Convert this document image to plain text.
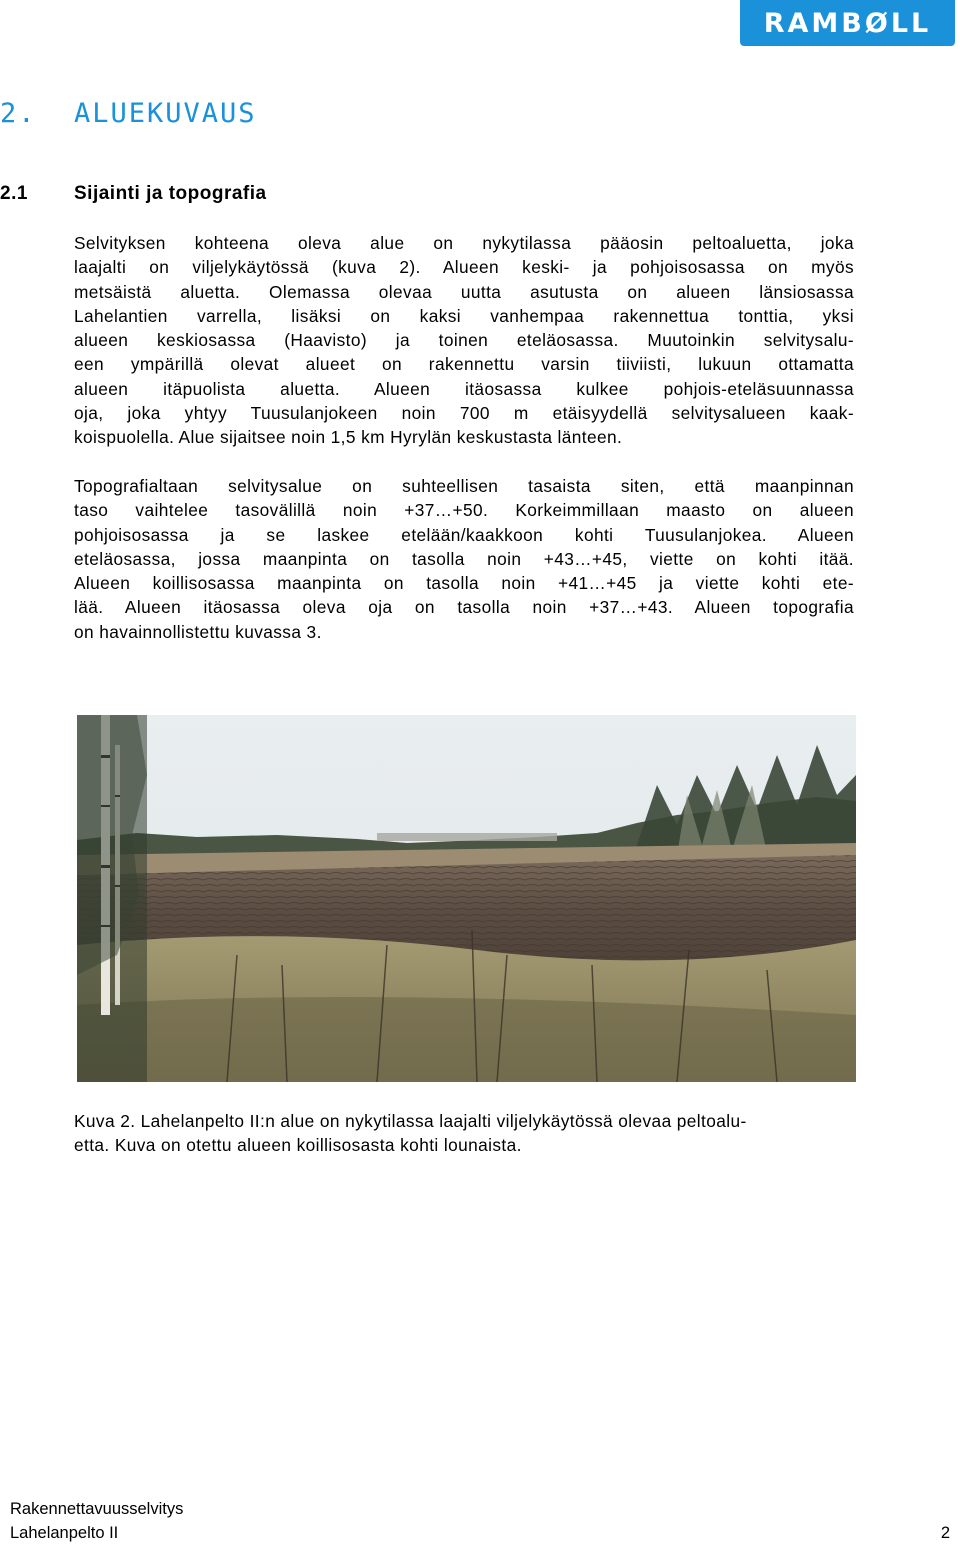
RAMBØLL
2. ALUEKUVAUS
2.1 Sijainti ja topografia
Selvityksen kohteena oleva alue on nykytilassa pääosin peltoaluetta, joka
laajalti on viljelykäytössä (kuva 2). Alueen keski- ja pohjoisosassa on myös
metsäistä aluetta. Olemassa olevaa uutta asutusta on alueen länsiosassa
Lahelantien varrella, lisäksi on kaksi vanhempaa rakennettua tonttia, yksi
alueen keskiosassa (Haavisto) ja toinen eteläosassa. Muutoinkin selvitysalu-
een ympärillä olevat alueet on rakennettu varsin tiiviisti, lukuun ottamatta
alueen itäpuolista aluetta. Alueen itäosassa kulkee pohjois-eteläsuunnassa
oja, joka yhtyy Tuusulanjokeen noin 700 m etäisyydellä selvitysalueen kaak-
koispuolella. Alue sijaitsee noin 1,5 km Hyrylän keskustasta länteen.
Topografialtaan selvitysalue on suhteellisen tasaista siten, että maanpinnan
taso vaihtelee tasovälillä noin +37…+50. Korkeimmillaan maasto on alueen
pohjoisosassa ja se laskee etelään/kaakkoon kohti Tuusulanjokea. Alueen
eteläosassa, jossa maanpinta on tasolla noin +43…+45, viette on kohti itää.
Alueen koillisosassa maanpinta on tasolla noin +41…+45 ja viette kohti ete-
lää. Alueen itäosassa oleva oja on tasolla noin +37…+43. Alueen topografia
on havainnollistettu kuvassa 3.
Kuva 2. Lahelanpelto II:n alue on nykytilassa laajalti viljelykäytössä olevaa peltoalu-
etta. Kuva on otettu alueen koillisosasta kohti lounaista.
Rakennettavuusselvitys
Lahelanpelto II	2
